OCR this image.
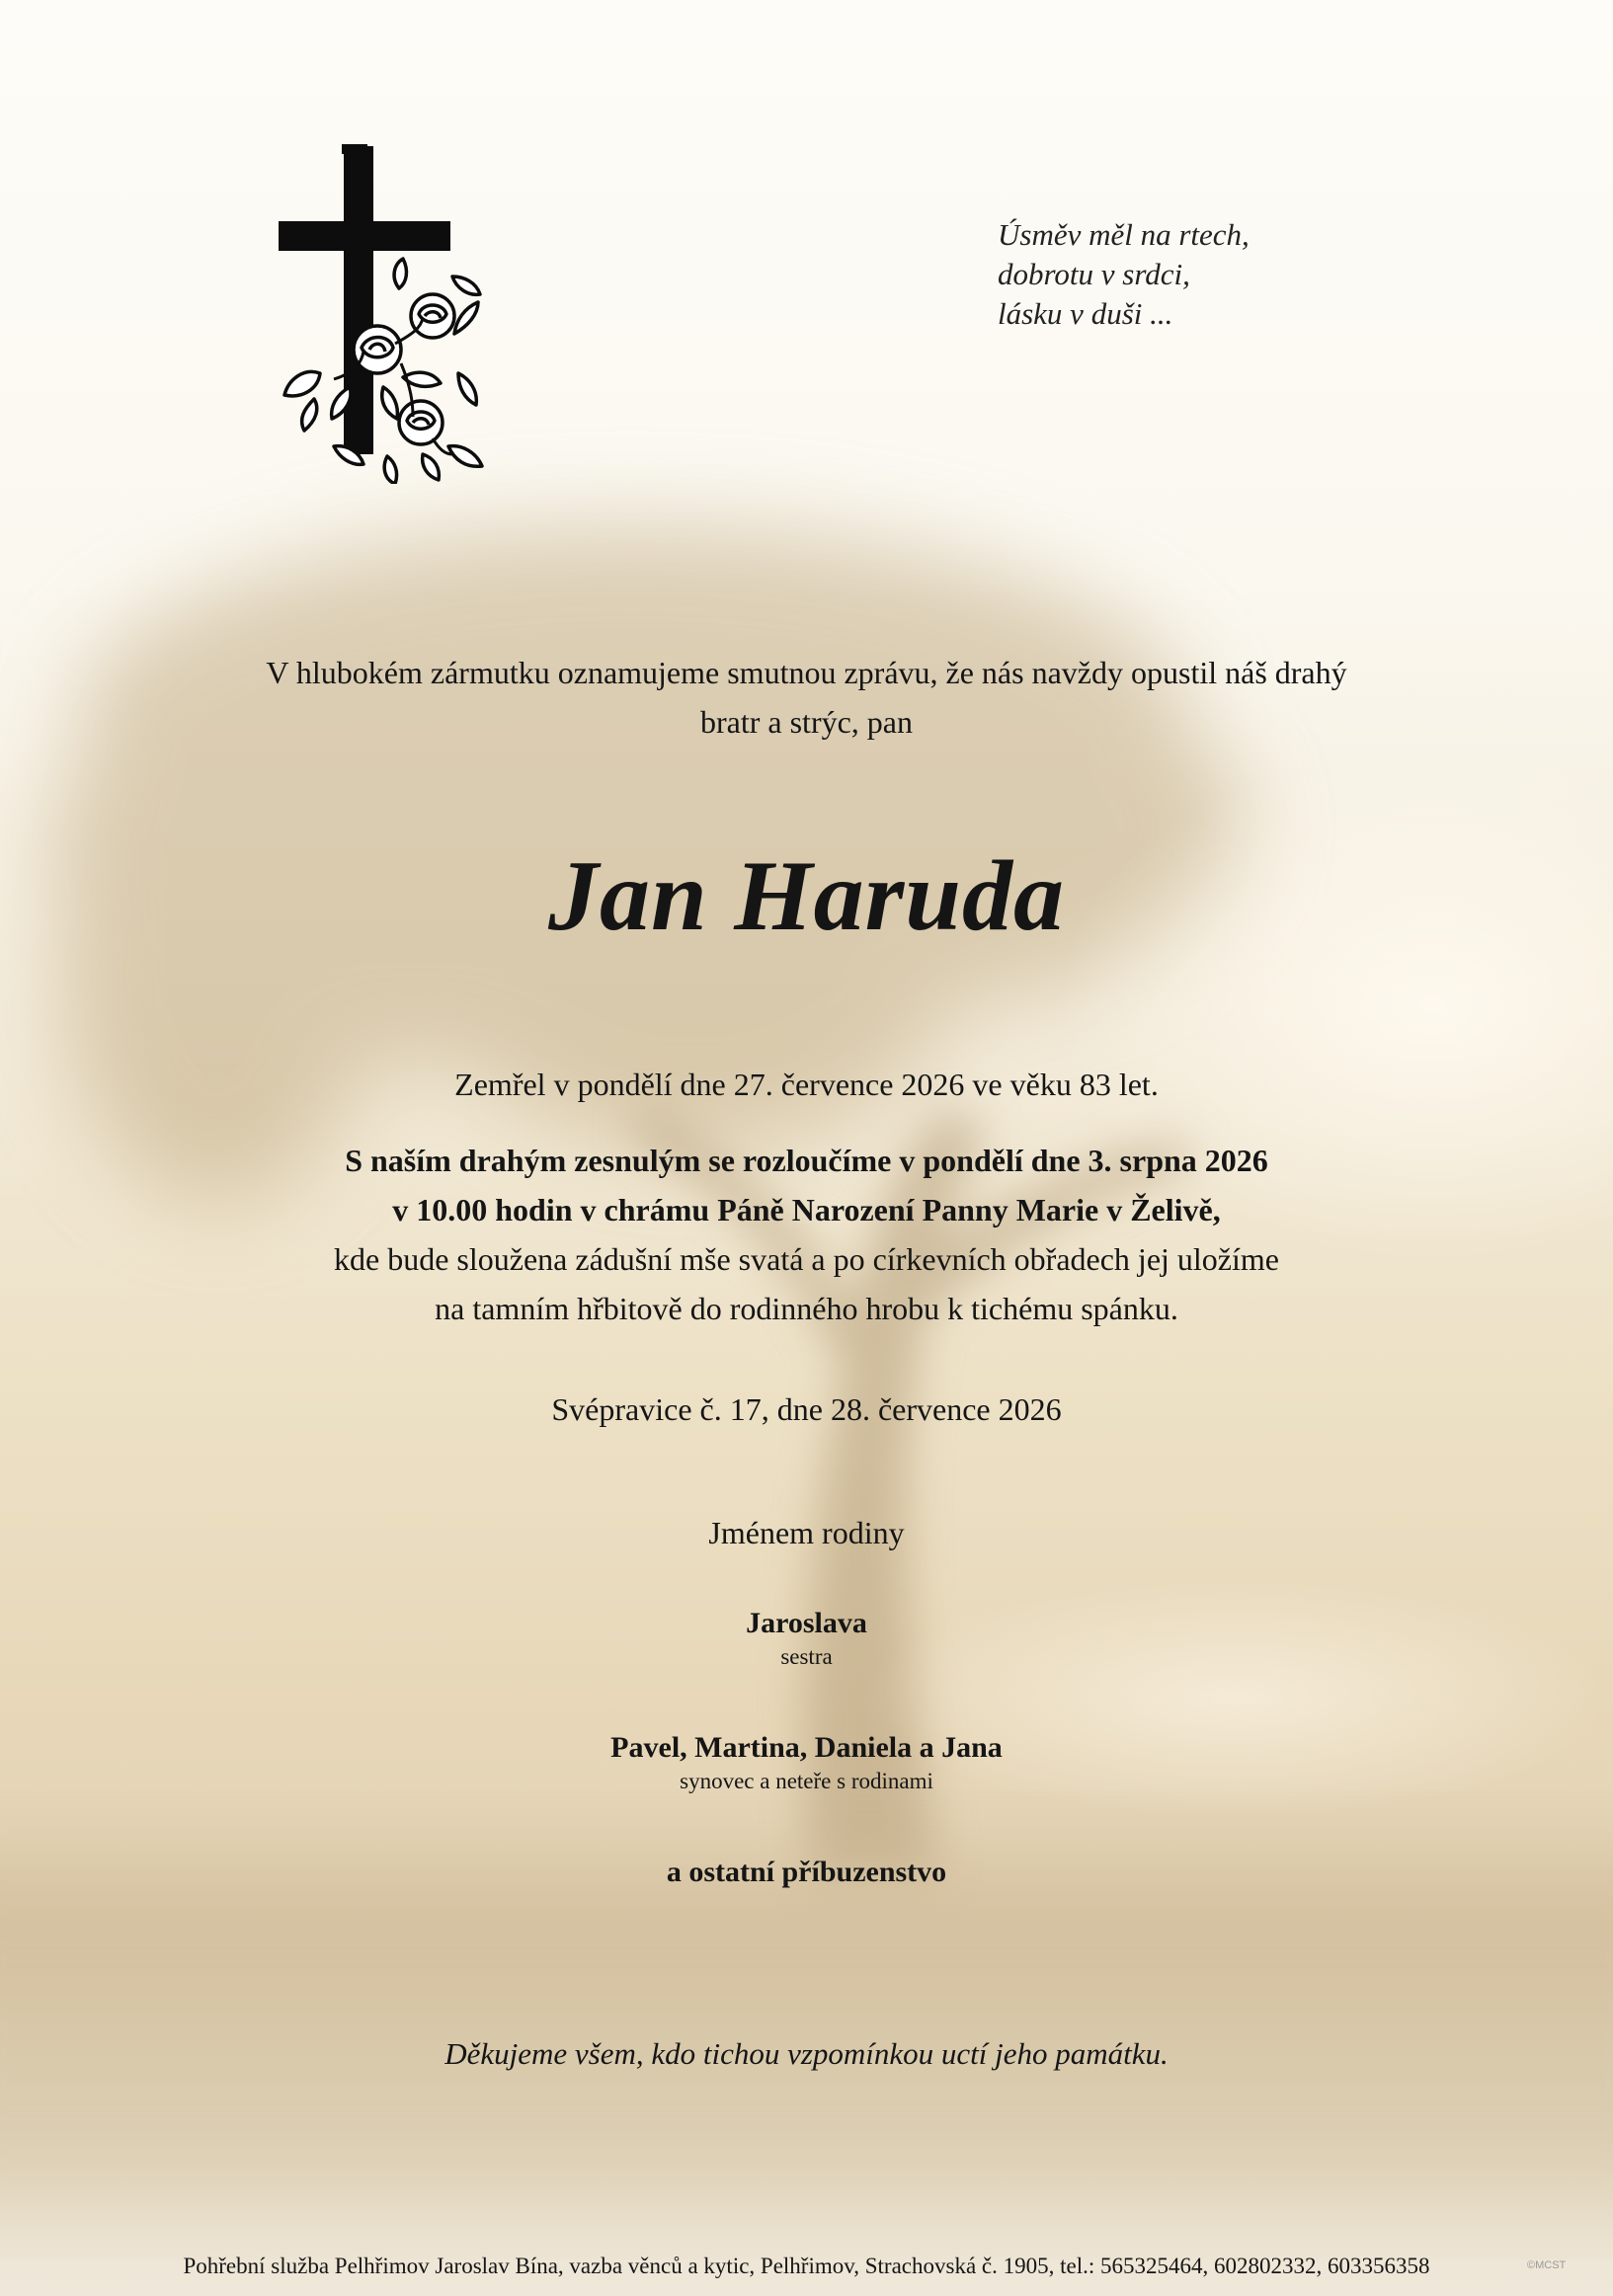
Úsměv měl na rtech,
dobrotu v srdci,
lásku v duši ...
V hlubokém zármutku oznamujeme smutnou zprávu, že nás navždy opustil náš drahý
bratr a strýc, pan
Jan Haruda
Zemřel v pondělí dne 27. července 2026 ve věku 83 let.
S naším drahým zesnulým se rozloučíme v pondělí dne 3. srpna 2026
v 10.00 hodin v chrámu Páně Narození Panny Marie v Želivě,
kde bude sloužena zádušní mše svatá a po církevních obřadech jej uložíme
na tamním hřbitově do rodinného hrobu k tichému spánku.
Svépravice č. 17, dne 28. července 2026
Jménem rodiny
Jaroslava
sestra
Pavel, Martina, Daniela a Jana
synovec a neteře s rodinami
a ostatní příbuzenstvo
Děkujeme všem, kdo tichou vzpomínkou uctí jeho památku.
Pohřební služba Pelhřimov Jaroslav Bína, vazba věnců a kytic, Pelhřimov, Strachovská č. 1905, tel.: 565325464, 602802332, 603356358	©MCST
